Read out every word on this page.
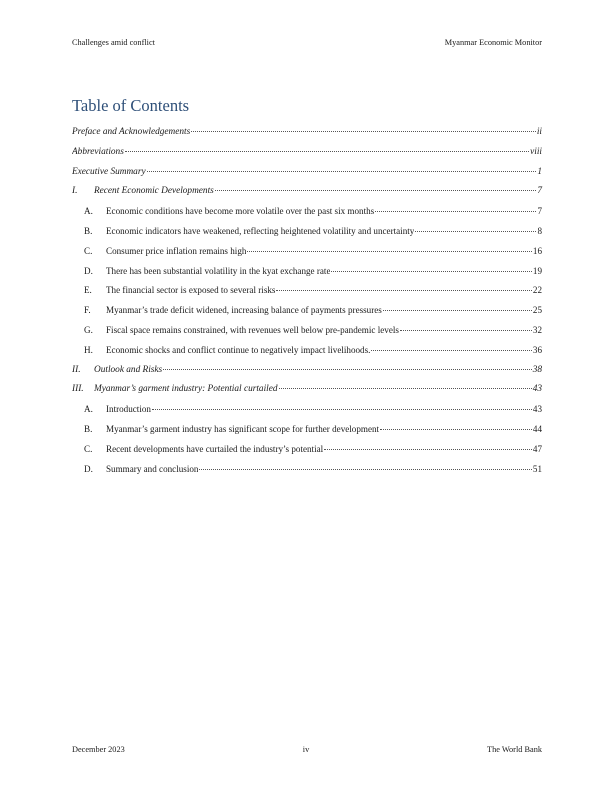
Challenges amid conflict	Myanmar Economic Monitor
Table of Contents
Preface and Acknowledgements	ii
Abbreviations	viii
Executive Summary	1
I.	Recent Economic Developments	7
A.	Economic conditions have become more volatile over the past six months	7
B.	Economic indicators have weakened, reflecting heightened volatility and uncertainty	8
C.	Consumer price inflation remains high	16
D.	There has been substantial volatility in the kyat exchange rate	19
E.	The financial sector is exposed to several risks	22
F.	Myanmar’s trade deficit widened, increasing balance of payments pressures	25
G.	Fiscal space remains constrained, with revenues well below pre-pandemic levels	32
H.	Economic shocks and conflict continue to negatively impact livelihoods.	36
II.	Outlook and Risks	38
III.	Myanmar’s garment industry: Potential curtailed	43
A.	Introduction	43
B.	Myanmar’s garment industry has significant scope for further development	44
C.	Recent developments have curtailed the industry’s potential	47
D.	Summary and conclusion	51
December 2023	iv	The World Bank
